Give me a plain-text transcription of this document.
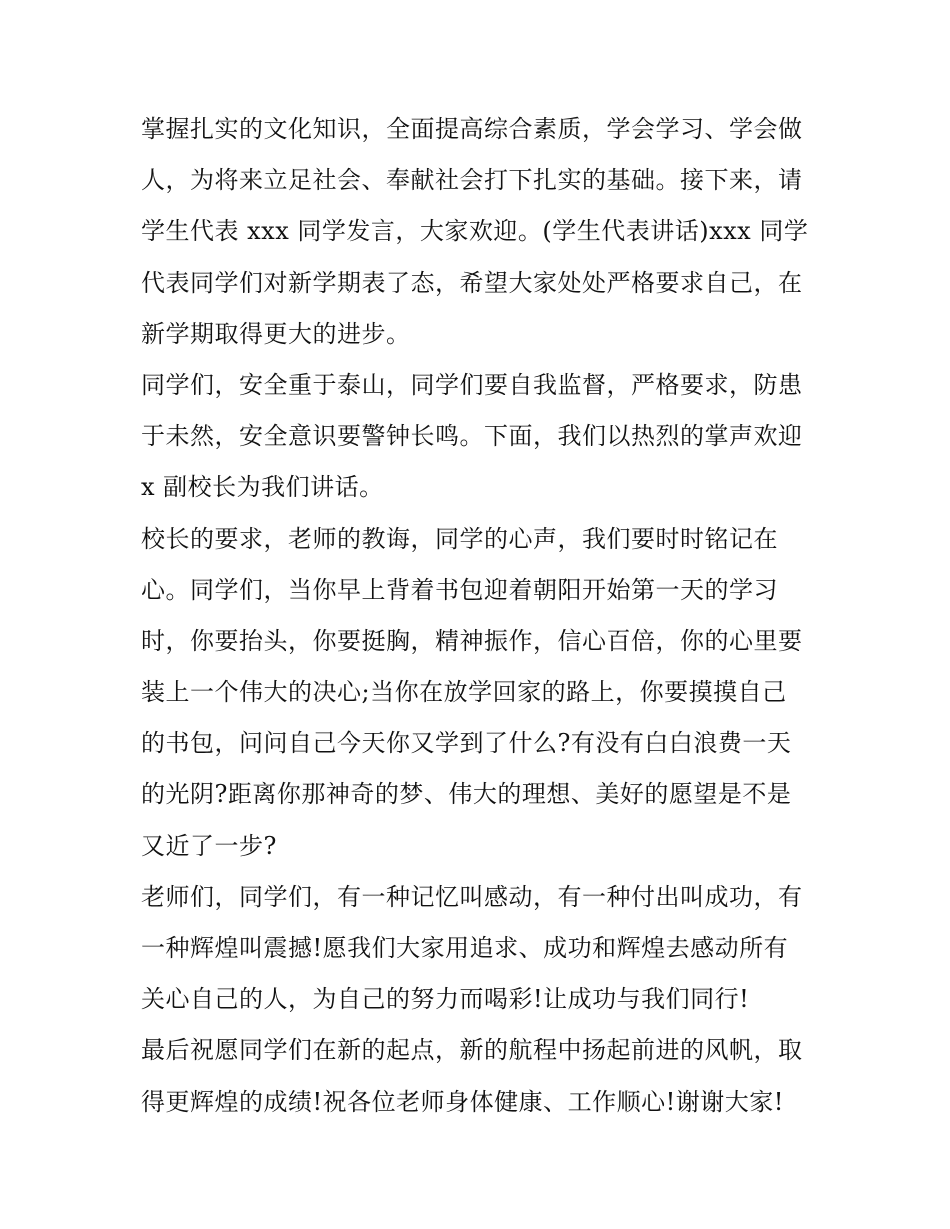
掌握扎实的文化知识，全面提高综合素质，学会学习、学会做
人，为将来立足社会、奉献社会打下扎实的基础。接下来，请
学生代表 xxx 同学发言，大家欢迎。(学生代表讲话)xxx 同学
代表同学们对新学期表了态，希望大家处处严格要求自己，在
新学期取得更大的进步。
同学们，安全重于泰山，同学们要自我监督，严格要求，防患
于未然，安全意识要警钟长鸣。下面，我们以热烈的掌声欢迎
x 副校长为我们讲话。
校长的要求，老师的教诲，同学的心声，我们要时时铭记在
心。同学们，当你早上背着书包迎着朝阳开始第一天的学习
时，你要抬头，你要挺胸，精神振作，信心百倍，你的心里要
装上一个伟大的决心;当你在放学回家的路上，你要摸摸自己
的书包，问问自己今天你又学到了什么?有没有白白浪费一天
的光阴?距离你那神奇的梦、伟大的理想、美好的愿望是不是
又近了一步?
老师们，同学们，有一种记忆叫感动，有一种付出叫成功，有
一种辉煌叫震撼!愿我们大家用追求、成功和辉煌去感动所有
关心自己的人，为自己的努力而喝彩!让成功与我们同行!
最后祝愿同学们在新的起点，新的航程中扬起前进的风帆，取
得更辉煌的成绩!祝各位老师身体健康、工作顺心!谢谢大家!
